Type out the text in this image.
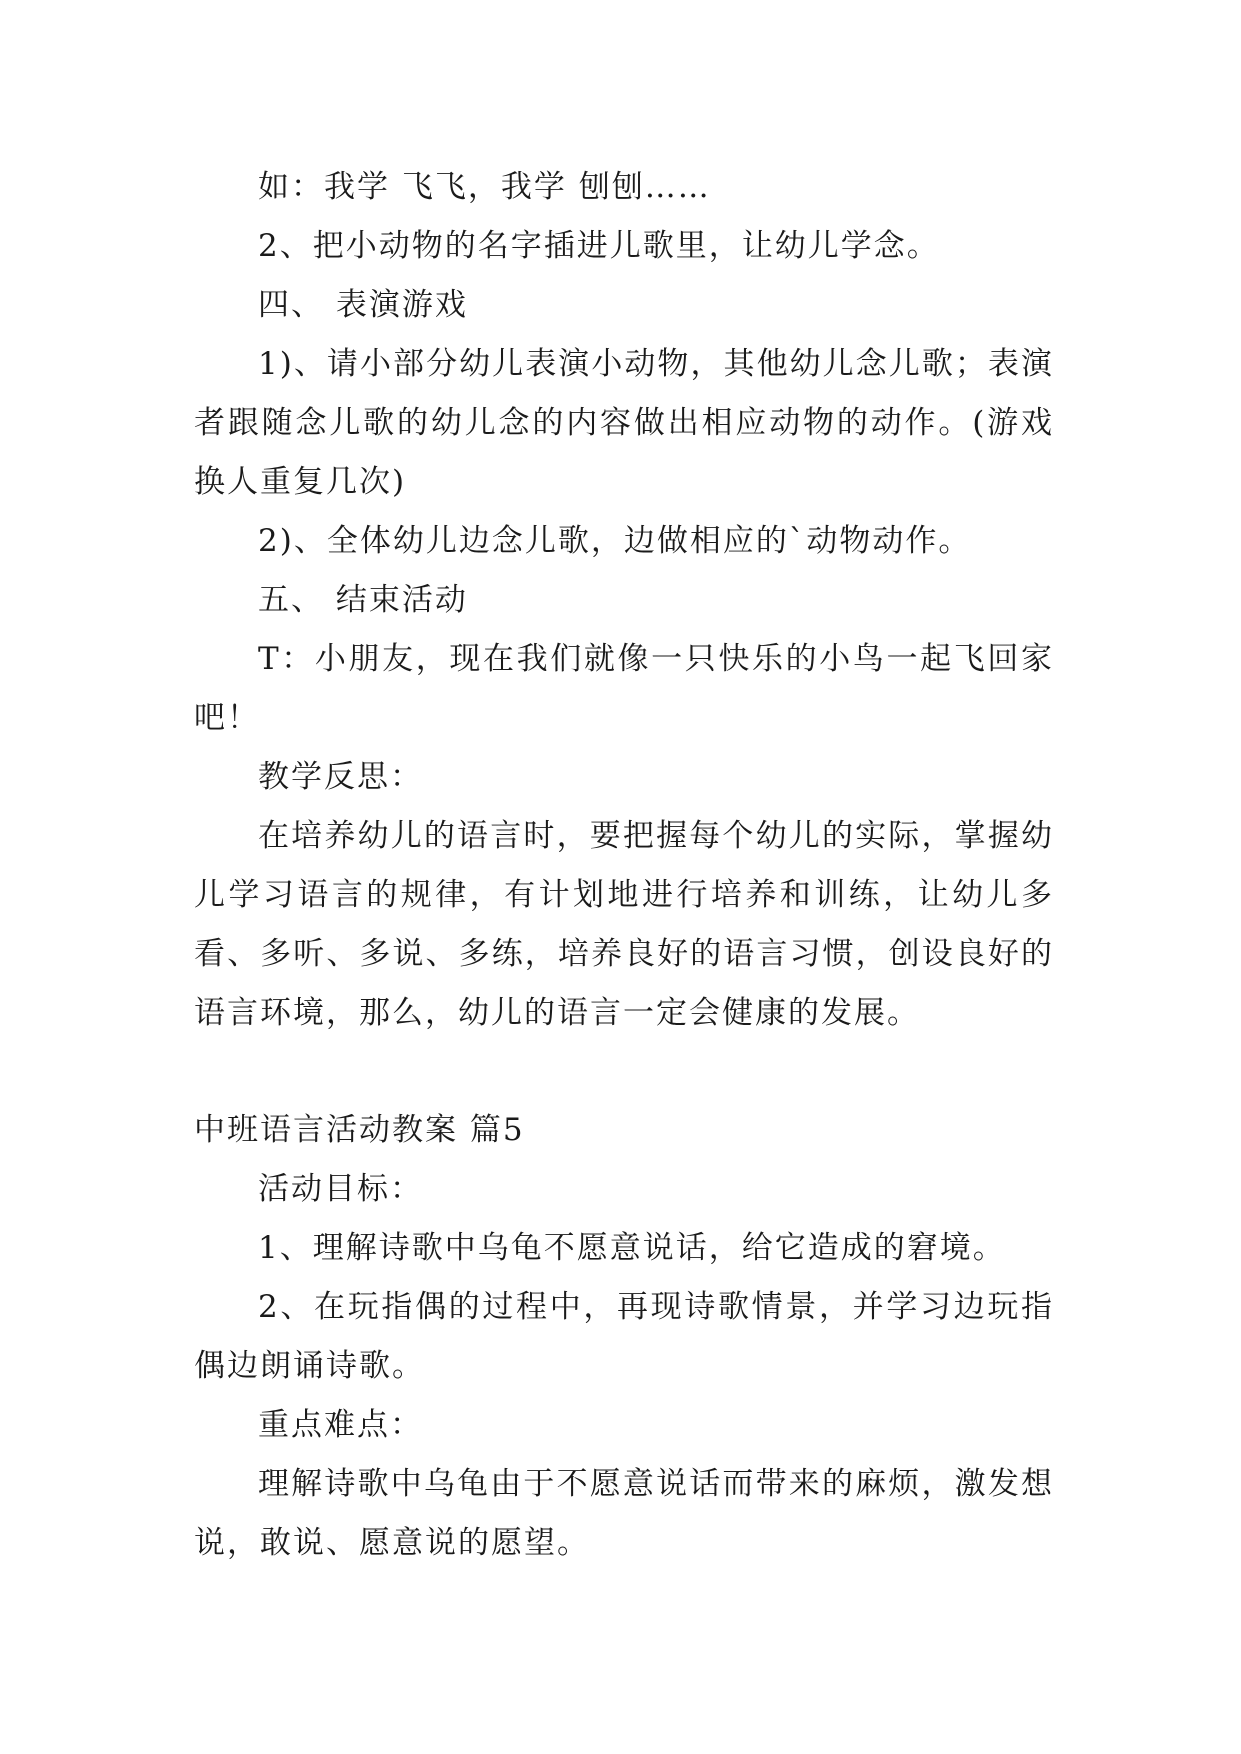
如：我学 飞飞，我学 刨刨……

2、把小动物的名字插进儿歌里，让幼儿学念。

四、 表演游戏

1)、请小部分幼儿表演小动物，其他幼儿念儿歌；表演者跟随念儿歌的幼儿念的内容做出相应动物的动作。(游戏换人重复几次)

2)、全体幼儿边念儿歌，边做相应的`动物动作。

五、 结束活动

T：小朋友，现在我们就像一只快乐的小鸟一起飞回家吧！

教学反思：

在培养幼儿的语言时，要把握每个幼儿的实际，掌握幼儿学习语言的规律，有计划地进行培养和训练，让幼儿多看、多听、多说、多练，培养良好的语言习惯，创设良好的语言环境，那么，幼儿的语言一定会健康的发展。

中班语言活动教案 篇5

活动目标：

1、理解诗歌中乌龟不愿意说话，给它造成的窘境。

2、在玩指偶的过程中，再现诗歌情景，并学习边玩指偶边朗诵诗歌。

重点难点：

理解诗歌中乌龟由于不愿意说话而带来的麻烦，激发想说，敢说、愿意说的愿望。
